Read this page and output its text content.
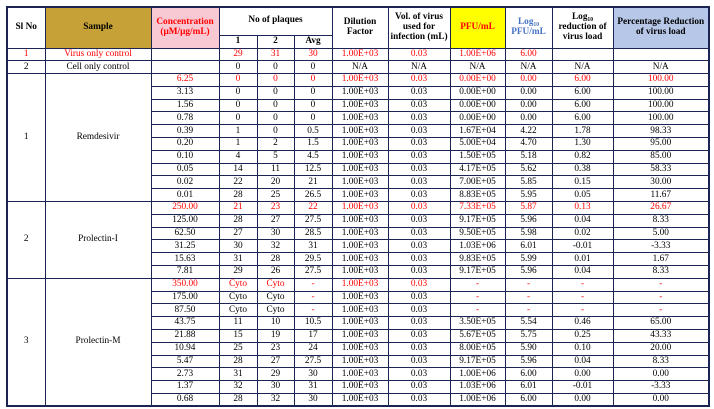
Sl No	Sample	Concentration (μM/μg/mL)	No of plaques			Dilution Factor	Vol. of virus used for infection (mL)	PFU/mL	Log₁₀ PFU/mL	Log₁₀ reduction of virus load	Percentage Reduction of virus load
			1	2	Avg						
1	Virus only control		29	31	30	1.00E+03	0.03	1.00E+06	6.00		
2	Cell only control		0	0	0	N/A	N/A	N/A	N/A	N/A	N/A
1	Remdesivir	6.25	0	0	0	1.00E+03	0.03	0.00E+00	0.00	6.00	100.00
		3.13	0	0	0	1.00E+03	0.03	0.00E+00	0.00	6.00	100.00
		1.56	0	0	0	1.00E+03	0.03	0.00E+00	0.00	6.00	100.00
		0.78	0	0	0	1.00E+03	0.03	0.00E+00	0.00	6.00	100.00
		0.39	1	0	0.5	1.00E+03	0.03	1.67E+04	4.22	1.78	98.33
		0.20	1	2	1.5	1.00E+03	0.03	5.00E+04	4.70	1.30	95.00
		0.10	4	5	4.5	1.00E+03	0.03	1.50E+05	5.18	0.82	85.00
		0.05	14	11	12.5	1.00E+03	0.03	4.17E+05	5.62	0.38	58.33
		0.02	22	20	21	1.00E+03	0.03	7.00E+05	5.85	0.15	30.00
		0.01	28	25	26.5	1.00E+03	0.03	8.83E+05	5.95	0.05	11.67
2	Prolectin-I	250.00	21	23	22	1.00E+03	0.03	7.33E+05	5.87	0.13	26.67
		125.00	28	27	27.5	1.00E+03	0.03	9.17E+05	5.96	0.04	8.33
		62.50	27	30	28.5	1.00E+03	0.03	9.50E+05	5.98	0.02	5.00
		31.25	30	32	31	1.00E+03	0.03	1.03E+06	6.01	-0.01	-3.33
		15.63	31	28	29.5	1.00E+03	0.03	9.83E+05	5.99	0.01	1.67
		7.81	29	26	27.5	1.00E+03	0.03	9.17E+05	5.96	0.04	8.33
3	Prolectin-M	350.00	Cyto	Cyto	-	1.00E+03	0.03	-	-	-	-
		175.00	Cyto	Cyto	-	1.00E+03	0.03	-	-	-	-
		87.50	Cyto	Cyto	-	1.00E+03	0.03	-	-	-	-
		43.75	11	10	10.5	1.00E+03	0.03	3.50E+05	5.54	0.46	65.00
		21.88	15	19	17	1.00E+03	0.03	5.67E+05	5.75	0.25	43.33
		10.94	25	23	24	1.00E+03	0.03	8.00E+05	5.90	0.10	20.00
		5.47	28	27	27.5	1.00E+03	0.03	9.17E+05	5.96	0.04	8.33
		2.73	31	29	30	1.00E+03	0.03	1.00E+06	6.00	0.00	0.00
		1.37	32	30	31	1.00E+03	0.03	1.03E+06	6.01	-0.01	-3.33
		0.68	28	32	30	1.00E+03	0.03	1.00E+06	6.00	0.00	0.00
